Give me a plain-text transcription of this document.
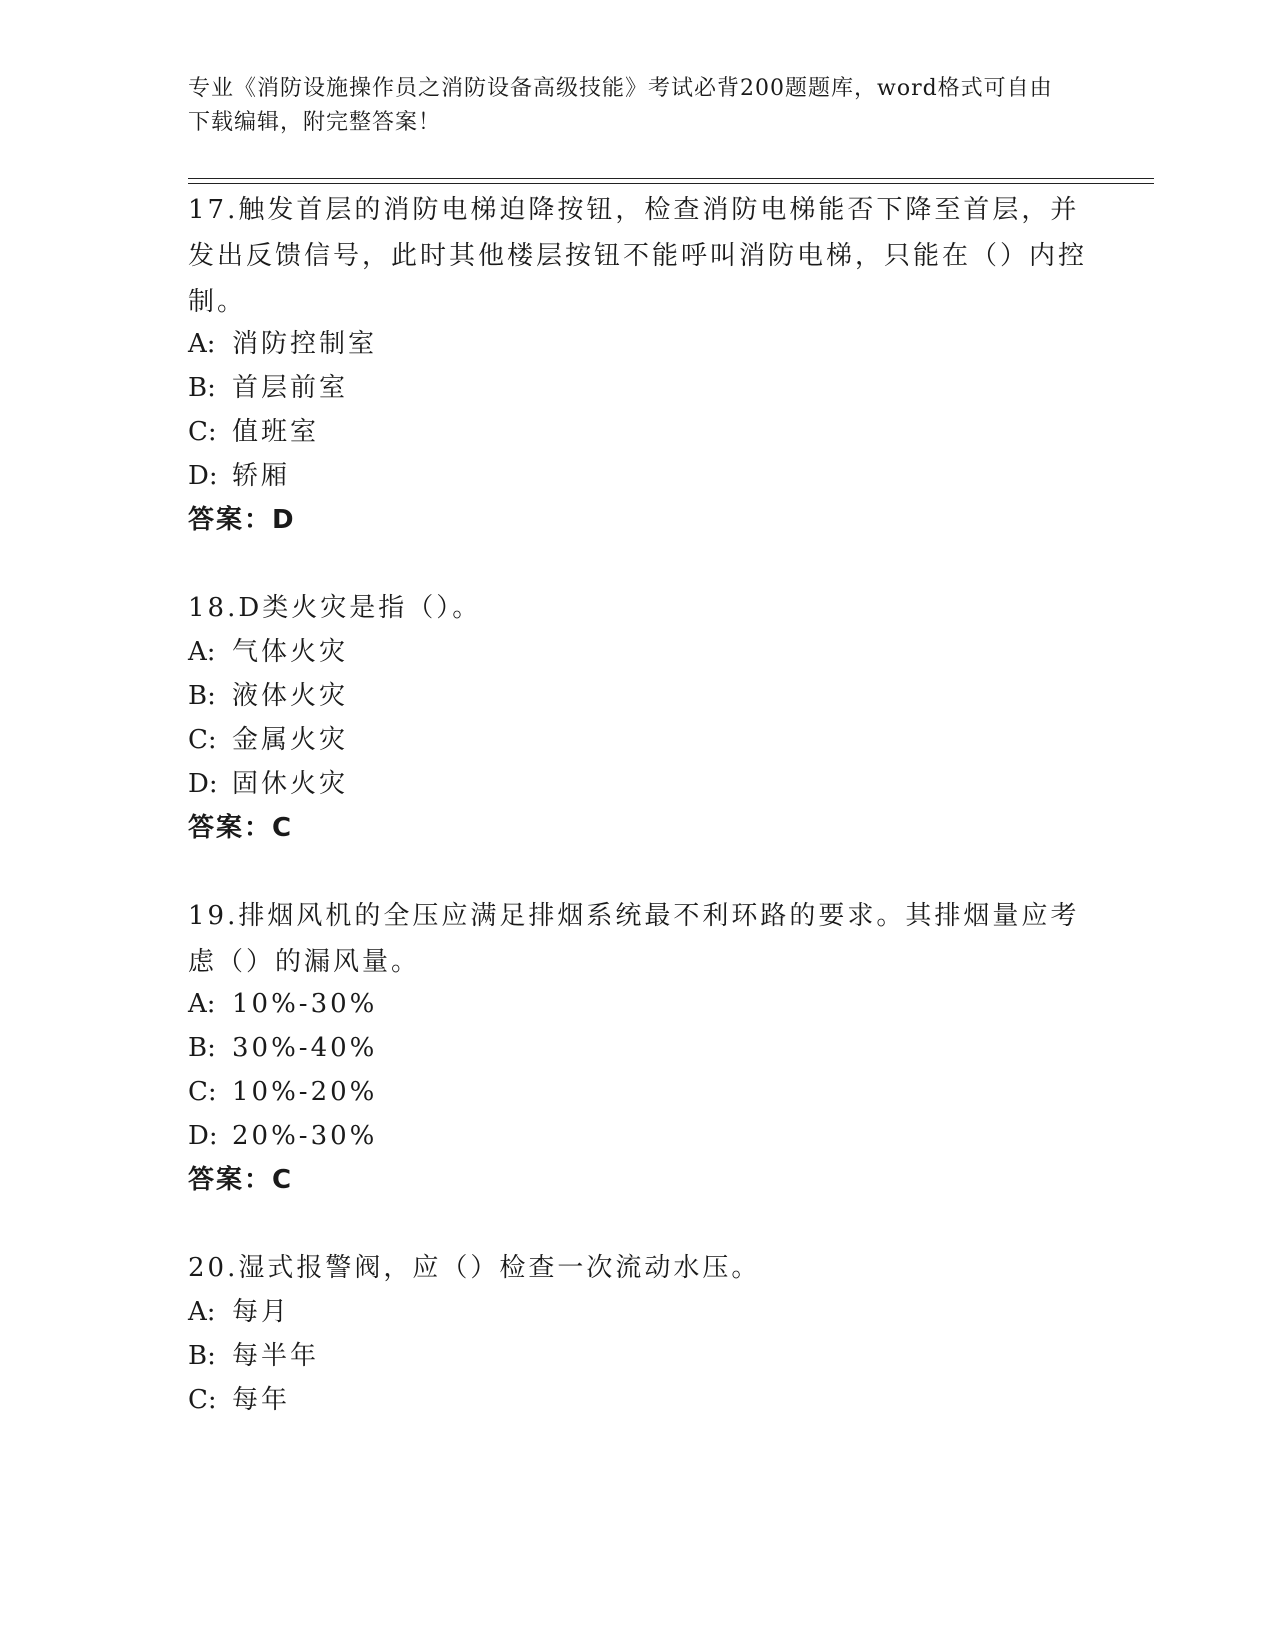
专业《消防设施操作员之消防设备高级技能》考试必背200题题库，word格式可自由下载编辑，附完整答案！
17.触发首层的消防电梯迫降按钮，检查消防电梯能否下降至首层，并发出反馈信号，此时其他楼层按钮不能呼叫消防电梯，只能在（）内控制。
A: 消防控制室
B: 首层前室
C: 值班室
D: 轿厢
答案：D
18.D类火灾是指（）。
A: 气体火灾
B: 液体火灾
C: 金属火灾
D: 固休火灾
答案：C
19.排烟风机的全压应满足排烟系统最不利环路的要求。其排烟量应考虑（）的漏风量。
A: 10%-30%
B: 30%-40%
C: 10%-20%
D: 20%-30%
答案：C
20.湿式报警阀，应（）检查一次流动水压。
A: 每月
B: 每半年
C: 每年
